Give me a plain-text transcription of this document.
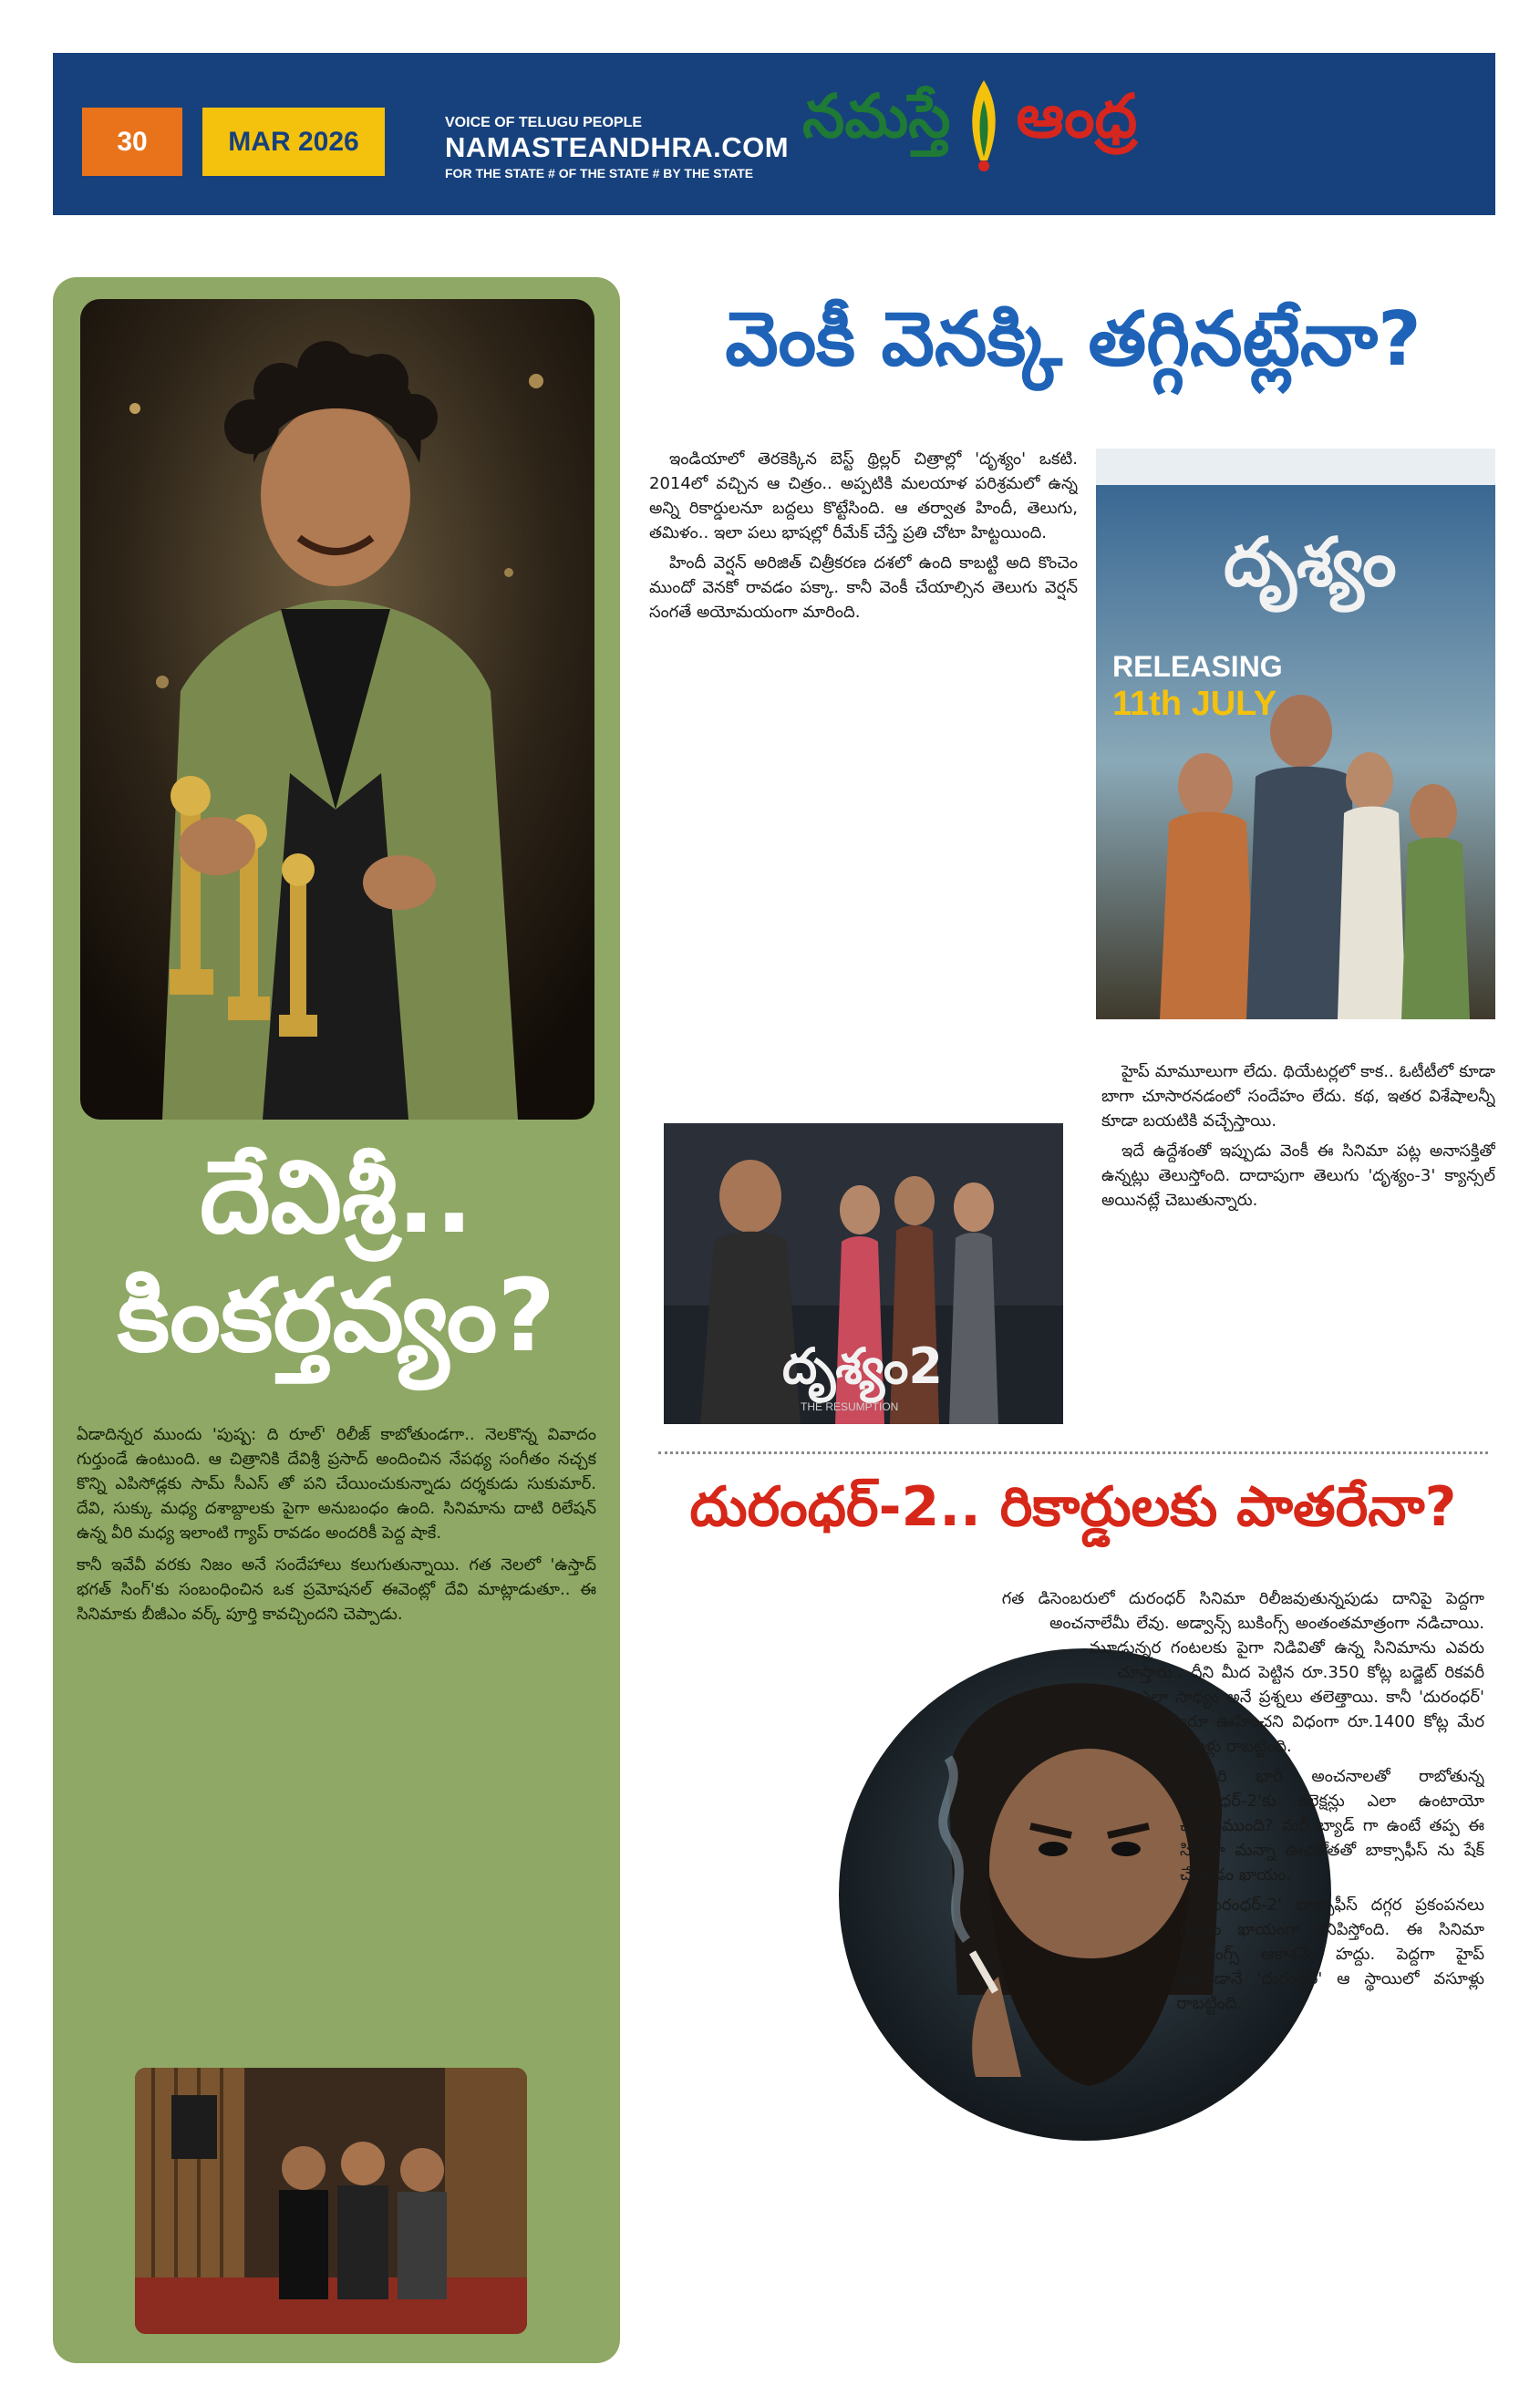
30	MAR 2026
VOICE OF TELUGU PEOPLE
NAMASTEANDHRA.COM
FOR THE STATE # OF THE STATE # BY THE STATE
నమస్తే ఆంధ్ర .కామ్
దేవిశ్రీ..
కింకర్తవ్యం?

ఏడాదిన్నర ముందు 'పుష్ప: ది రూల్' రిలీజ్ కాబోతుండగా.. నెలకొన్న వివాదం గుర్తుండే ఉంటుంది. ఆ చిత్రానికి దేవిశ్రీ ప్రసాద్ అందించిన నేపథ్య సంగీతం నచ్చక కొన్ని ఎపిసోడ్లకు సామ్ సీఎస్ తో పని చేయించుకున్నాడు దర్శకుడు సుకుమార్. దేవి, సుక్కు మధ్య దశాబ్దాలకు పైగా అనుబంధం ఉంది. సినిమాను దాటి రిలేషన్ ఉన్న వీరి మధ్య ఇలాంటి గ్యాప్ రావడం అందరికీ పెద్ద షాకే.

కానీ ఇవేవీ వరకు నిజం అనే సందేహాలు కలుగుతున్నాయి. గత నెలలో 'ఉస్తాద్ భగత్ సింగ్'కు సంబంధించిన ఒక ప్రమోషనల్ ఈవెంట్లో దేవి మాట్లాడుతూ.. ఈ సినిమాకు బీజీఎం వర్క్ పూర్తి కావచ్చిందని చెప్పాడు.

వెంకీ వెనక్కి తగ్గినట్లేనా?

ఇండియాలో తెరకెక్కిన బెస్ట్ థ్రిల్లర్ చిత్రాల్లో 'దృశ్యం' ఒకటి. 2014లో వచ్చిన ఆ చిత్రం.. అప్పటికి మలయాళ పరిశ్రమలో ఉన్న అన్ని రికార్డులనూ బద్దలు కొట్టేసింది. ఆ తర్వాత హిందీ, తెలుగు, తమిళం.. ఇలా పలు భాషల్లో రీమేక్ చేస్తే ప్రతి చోటా హిట్టయింది.

హిందీ వెర్షన్ అరిజిత్ చిత్రీకరణ దశలో ఉంది కాబట్టి అది కొంచెం ముందో వెనకో రావడం పక్కా. కానీ వెంకీ చేయాల్సిన తెలుగు వెర్షన్ సంగతే అయోమయంగా మారింది.

దృశ్యం
RELEASING
11th JULY
దృశ్యం2
THE RESUMPTION

హైప్ మామూలుగా లేదు. థియేటర్లలో కాక.. ఓటీటీలో కూడా బాగా చూసారనడంలో సందేహం లేదు. కథ, ఇతర విశేషాలన్నీ కూడా బయటికి వచ్చేస్తాయి.

ఇదే ఉద్దేశంతో ఇప్పుడు వెంకీ ఈ సినిమా పట్ల అనాసక్తితో ఉన్నట్లు తెలుస్తోంది. దాదాపుగా తెలుగు 'దృశ్యం-3' క్యాన్సల్ అయినట్లే చెబుతున్నారు.

దురంధర్-2.. రికార్డులకు పాతరేనా?

గత డిసెంబరులో దురంధర్ సినిమా రిలీజవుతున్నపుడు దానిపై పెద్దగా అంచనాలేమీ లేవు. అడ్వాన్స్ బుకింగ్స్ అంతంతమాత్రంగా నడిచాయి. మూడున్నర గంటలకు పైగా నిడివితో ఉన్న సినిమాను ఎవరు చూస్తారు.. దీని మీద పెట్టిన రూ.350 కోట్ల బడ్జెట్ రికవరీ ఎలా సాధ్యం అనే ప్రశ్నలు తలెత్తాయి. కానీ 'దురంధర్' ఎవ్వరూ ఊహించని విధంగా రూ.1400 కోట్ల మేర వసూళ్లు రాబట్టింది.

మరి భారీ అంచనాలతో రాబోతున్న 'దురంధర్-2'కు కలెక్షన్లు ఎలా ఉంటాయో చెప్పేదేముంది? మరీ బ్యాడ్ గా ఉంటే తప్ప ఈ సినిమా మన్నా ఊచకోతతో బాక్సాఫీస్ ను షేక్ చేయడం ఖాయం.

'దురంధర్-2' బాక్సాఫీస్ దగ్గర ప్రకంపనలు రేపడం ఖాయంగా కనిపిస్తోంది. ఈ సినిమా ఓపెనింగ్స్ ఆకాశమే హద్దు. పెద్దగా హైప్ లేకుండానే 'దురంధర్' ఆ స్థాయిలో వసూళ్లు రాబట్టింది.
